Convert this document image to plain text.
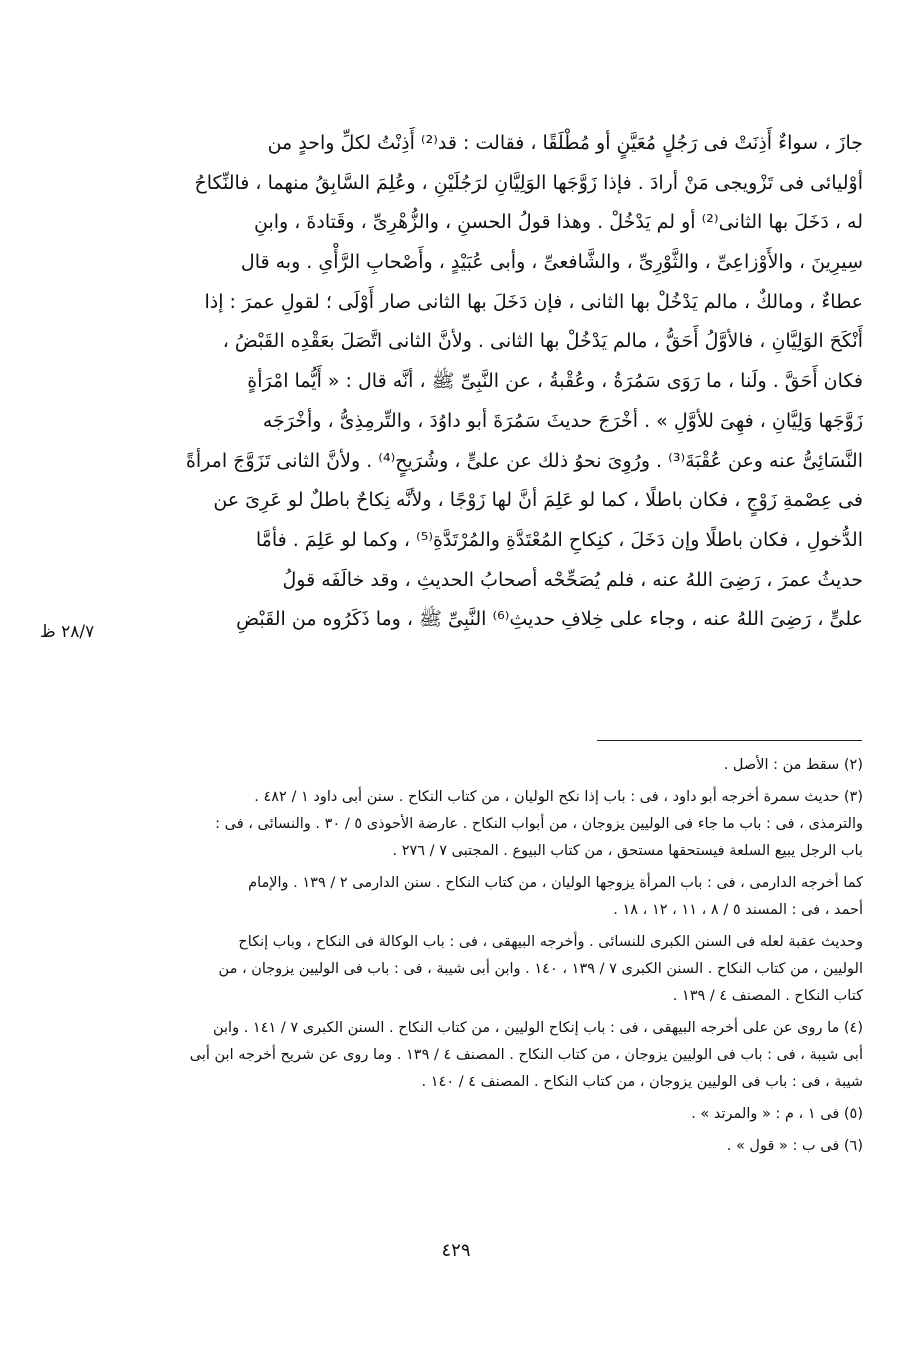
جازَ ، سواءٌ أَذِنَتْ فى رَجُلٍ مُعَيَّنٍ أو مُطْلَقًا ، فقالت : قد⁽²⁾ أَذِنْتُ لكلِّ واحدٍ من
أوْليائى فى تَزْويجى مَنْ أرادَ . فإذا زَوَّجَها الوَلِيَّانِ لرَجُلَيْنِ ، وعُلِمَ السَّابِقُ منهما ، فالنِّكاحُ
له ، دَخَلَ بها الثانى⁽²⁾ أو لم يَدْخُلْ . وهذا قولُ الحسنِ ، والزُّهْرِىِّ ، وقَتادةَ ، وابنِ
سِيرِينَ ، والأَوْزاعِىِّ ، والثَّوْرِىِّ ، والشَّافعىِّ ، وأبى عُبَيْدٍ ، وأَصْحابِ الرَّأْىِ . وبه قال
عطاءٌ ، ومالكٌ ، مالم يَدْخُلْ بها الثانى ، فإن دَخَلَ بها الثانى صار أَوْلَى ؛ لقولِ عمرَ : إذا
أَنْكَحَ الوَلِيَّانِ ، فالأوَّلُ أَحَقُّ ، مالم يَدْخُلْ بها الثانى . ولأنَّ الثانى اتَّصَلَ بعَقْدِه القَبْضُ ،
فكان أَحَقَّ . ولَنا ، ما رَوَى سَمُرَةُ ، وعُقْبةُ ، عن النَّبِىِّ ﷺ ، أنَّه قال : « أَيُّما امْرَأةٍ
زَوَّجَها وَلِيَّانِ ، فهِىَ للأوَّلِ » . أخْرَجَ حديثَ سَمُرَةَ أبو داوُدَ ، والتِّرمِذِىُّ ، وأخْرَجَه
النَّسَائِىُّ عنه وعن عُقْبَةَ⁽³⁾ . ورُوِىَ نحوُ ذلك عن علىٍّ ، وشُرَيحٍ⁽⁴⁾ . ولأنَّ الثانى تَزَوَّجَ امرأةً
فى عِصْمةِ زَوْجٍ ، فكان باطلًا ، كما لو عَلِمَ أنَّ لها زَوْجًا ، ولأنَّه نِكاحٌ باطلٌ لو عَرِىَ عن
الدُّخولِ ، فكان باطلًا وإن دَخَلَ ، كنِكاحِ المُعْتَدَّةِ والمُرْتَدَّةِ⁽⁵⁾ ، وكما لو عَلِمَ . فأمَّا
حديثُ عمرَ ، رَضِىَ اللهُ عنه ، فلم يُصَحِّحْه أصحابُ الحديثِ ، وقد خالَفَه قولُ
علىٍّ ، رَضِىَ اللهُ عنه ، وجاء على خِلافِ حديثِ⁽⁶⁾ النَّبِىِّ ﷺ ، وما ذَكَرُوه من القَبْضِ
٢٨/٧ ظ
(٢) سقط من : الأصل .
(٣) حديث سمرة أخرجه أبو داود ، فى : باب إذا نكح الوليان ، من كتاب النكاح . سنن أبى داود ١ / ٤٨٢ .
والترمذى ، فى : باب ما جاء فى الوليين يزوجان ، من أبواب النكاح . عارضة الأحوذى ٥ / ٣٠ . والنسائى ، فى :
باب الرجل يبيع السلعة فيستحقها مستحق ، من كتاب البيوع . المجتبى ٧ / ٢٧٦ .
كما أخرجه الدارمى ، فى : باب المرأة يزوجها الوليان ، من كتاب النكاح . سنن الدارمى ٢ / ١٣٩ . والإمام
أحمد ، فى : المسند ٥ / ٨ ، ١١ ، ١٢ ، ١٨ .
وحديث عقبة لعله فى السنن الكبرى للنسائى . وأخرجه البيهقى ، فى : باب الوكالة فى النكاح ، وباب إنكاح
الوليين ، من كتاب النكاح . السنن الكبرى ٧ / ١٣٩ ، ١٤٠ . وابن أبى شيبة ، فى : باب فى الوليين يزوجان ، من
كتاب النكاح . المصنف ٤ / ١٣٩ .
(٤) ما روى عن على أخرجه البيهقى ، فى : باب إنكاح الوليين ، من كتاب النكاح . السنن الكبرى ٧ / ١٤١ . وابن
أبى شيبة ، فى : باب فى الوليين يزوجان ، من كتاب النكاح . المصنف ٤ / ١٣٩ . وما روى عن شريح أخرجه ابن أبى
شيبة ، فى : باب فى الوليين يزوجان ، من كتاب النكاح . المصنف ٤ / ١٤٠ .
(٥) فى ١ ، م : « والمرتد » .
(٦) فى ب : « قول » .
٤٢٩
